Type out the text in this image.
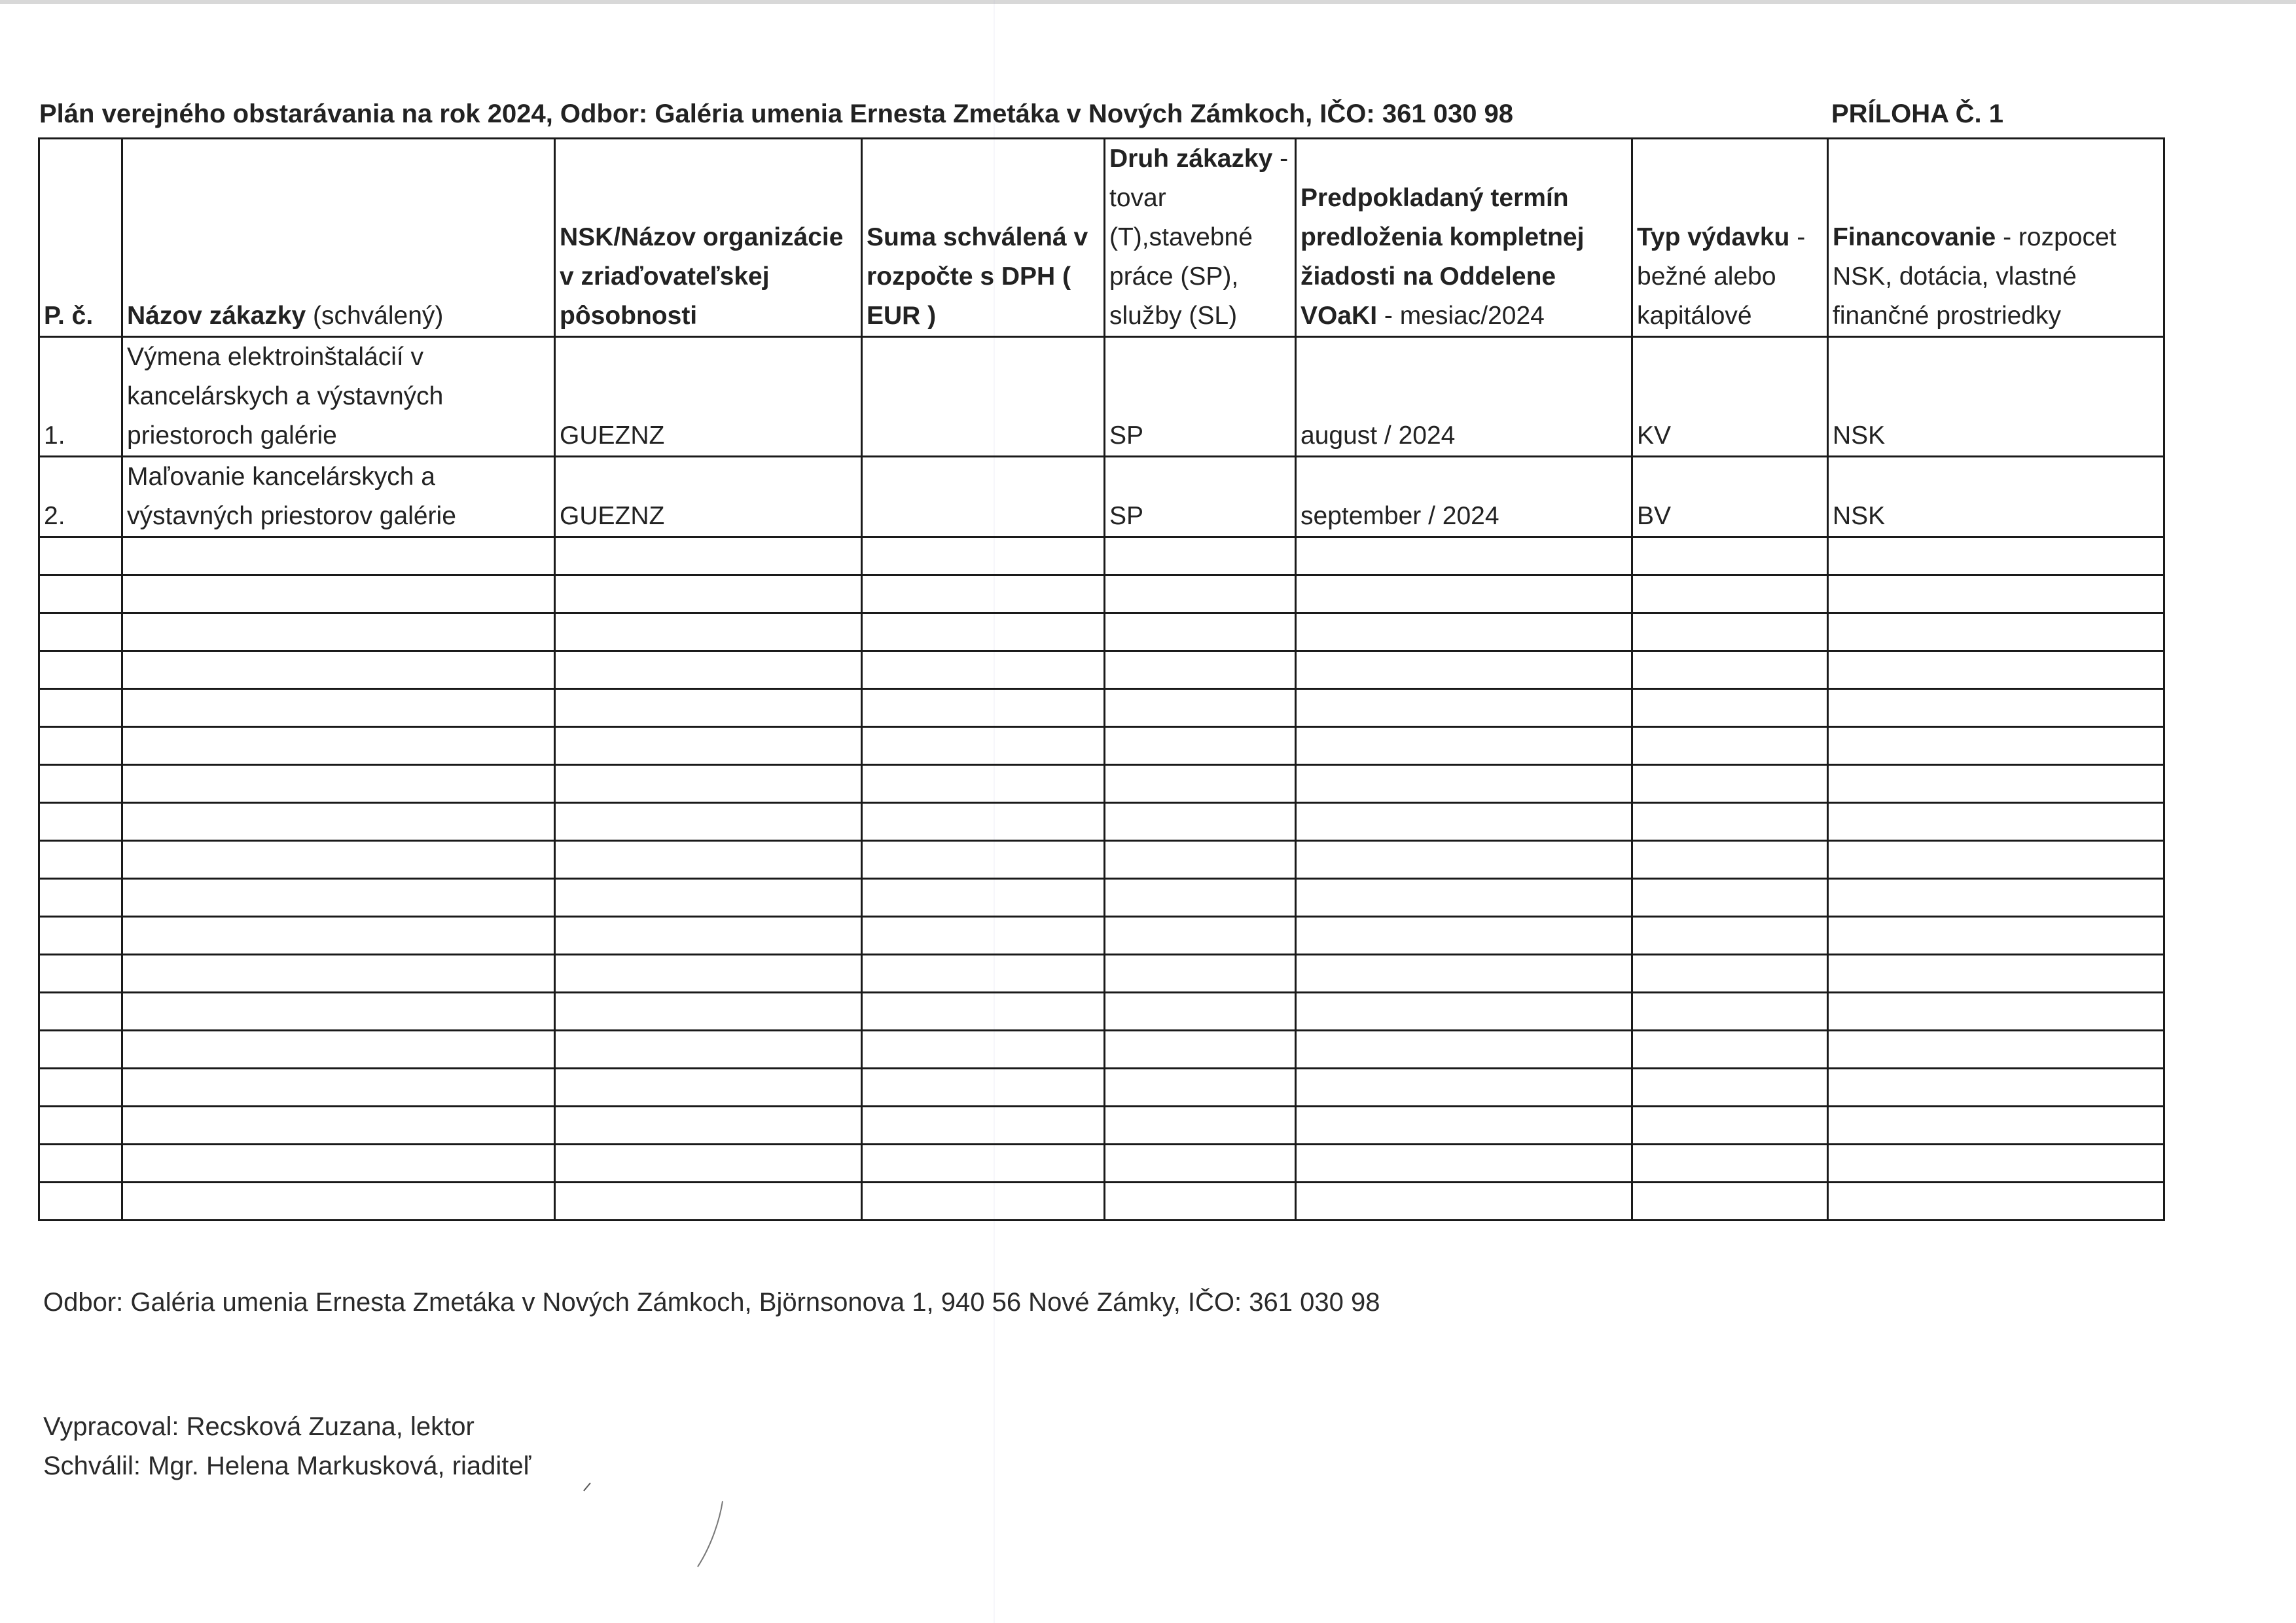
Plán verejného obstarávania na rok 2024, Odbor: Galéria umenia Ernesta Zmetáka v Nových Zámkoch, IČO: 361 030 98	PRÍLOHA Č. 1
P. č.	Názov zákazky (schválený)	NSK/Názov organizácie v zriaďovateľskej pôsobnosti	Suma schválená v rozpočte s DPH ( EUR )	Druh zákazky - tovar (T),stavebné práce (SP), služby (SL)	Predpokladaný termín predloženia kompletnej žiadosti na Oddelene VOaKI - mesiac/2024	Typ výdavku - bežné alebo kapitálové	Financovanie - rozpocet NSK, dotácia, vlastné finančné prostriedky
1.	Výmena elektroinštalácií v kancelárskych a výstavných priestoroch galérie	GUEZNZ		SP	august / 2024	KV	NSK
2.	Maľovanie kancelárskych a výstavných priestorov galérie	GUEZNZ		SP	september / 2024	BV	NSK

Odbor: Galéria umenia Ernesta Zmetáka v Nových Zámkoch, Björnsonova 1, 940 56 Nové Zámky, IČO: 361 030 98
Vypracoval: Recsková Zuzana, lektor
Schválil: Mgr. Helena Markusková, riaditeľ
